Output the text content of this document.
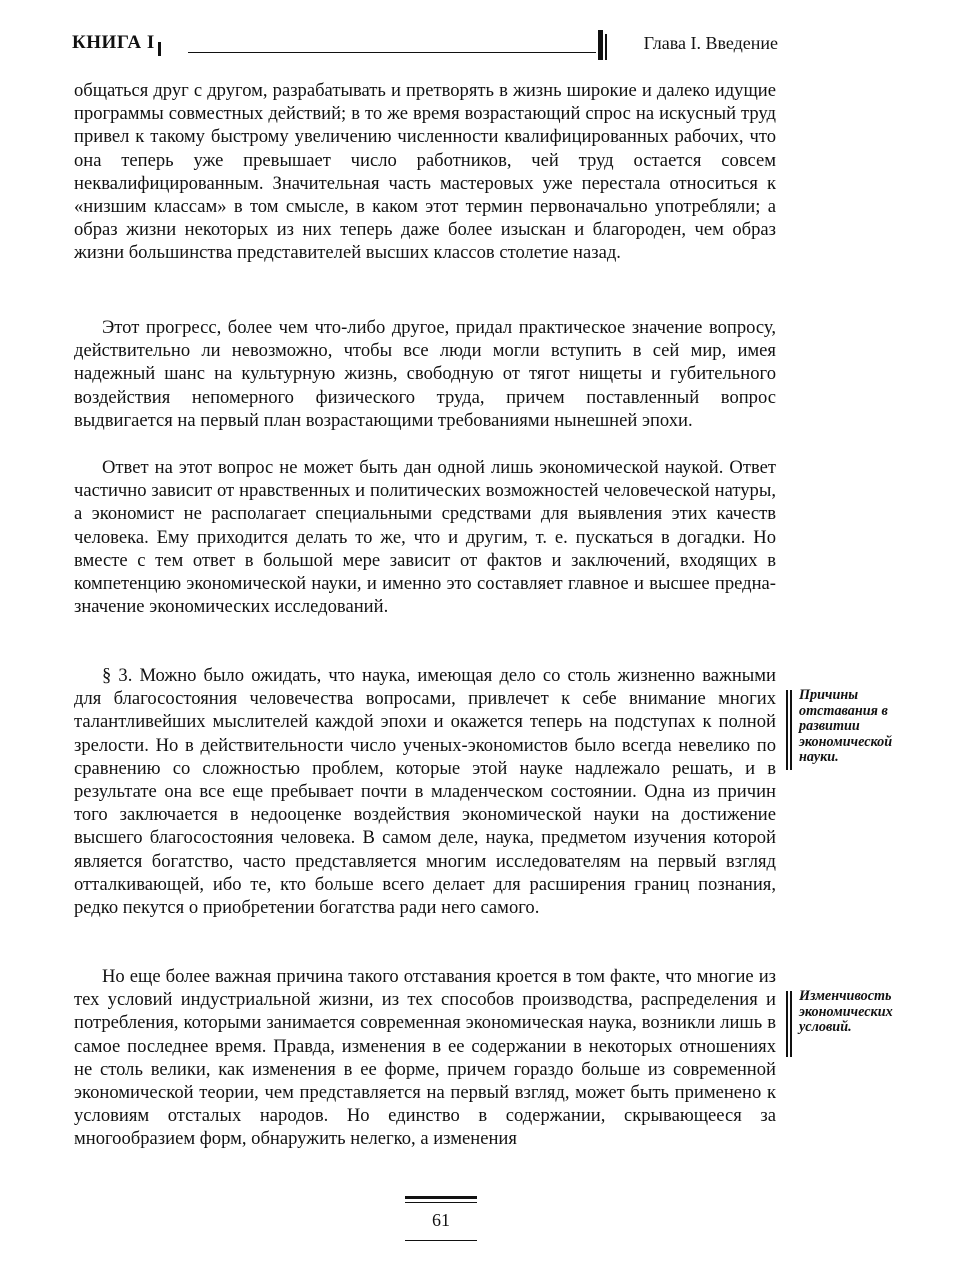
КНИГА I	Глава I. Введение
общаться друг с другом, разрабатывать и претворять в жизнь широкие и далеко идущие программы совместных действий; в то же время возрастающий спрос на искусный труд привел к такому быстрому увеличению численности квалифицированных рабочих, что она теперь уже превышает число работников, чей труд остается совсем неквалифицированным. Значительная часть мастеровых уже перестала относиться к «низшим классам» в том смысле, в каком этот термин первоначально употребляли; а образ жизни некоторых из них теперь даже более изыскан и благороден, чем образ жизни большинства представителей высших классов столетие назад.
Этот прогресс, более чем что-либо другое, придал практическое значение вопросу, действительно ли невозможно, чтобы все люди могли вступить в сей мир, имея надежный шанс на культурную жизнь, свободную от тягот нищеты и губительного воздействия непомерного физического труда, причем поставленный вопрос выдвигается на первый план возрастающими требованиями нынешней эпохи.
Ответ на этот вопрос не может быть дан одной лишь экономической наукой. Ответ частично зависит от нравственных и политических возможностей человеческой натуры, а экономист не располагает специальными средствами для выявления этих качеств человека. Ему приходится делать то же, что и другим, т. е. пускаться в догадки. Но вместе с тем ответ в большой мере зависит от фактов и заключений, входящих в компетенцию экономической науки, и именно это составляет главное и высшее предназначение экономических исследований.
§ 3. Можно было ожидать, что наука, имеющая дело со столь жизненно важными для благосостояния человечества вопросами, привлечет к себе внимание многих талантливейших мыслителей каждой эпохи и окажется теперь на подступах к полной зрелости. Но в действительности число ученых-экономистов было всегда невелико по сравнению со сложностью проблем, которые этой науке надлежало решать, и в результате она все еще пребывает почти в младенческом состоянии. Одна из причин того заключается в недооценке воздействия экономической науки на достижение высшего благосостояния человека. В самом деле, наука, предметом изучения которой является богатство, часто представляется многим исследователям на первый взгляд отталкивающей, ибо те, кто больше всего делает для расширения границ познания, редко пекутся о приобретении богатства ради него самого.
Но еще более важная причина такого отставания кроется в том факте, что многие из тех условий индустриальной жизни, из тех способов производства, распределения и потребления, которыми занимается современная экономическая наука, возникли лишь в самое последнее время. Правда, изменения в ее содержании в некоторых отношениях не столь велики, как изменения в ее форме, причем гораздо больше из современной экономической теории, чем представляется на первый взгляд, может быть применено к условиям отсталых народов. Но единство в содержании, скрывающееся за многообразием форм, обнаружить нелегко, а изменения
Причины отставания в развитии экономической науки.
Изменчивость экономических условий.
61
